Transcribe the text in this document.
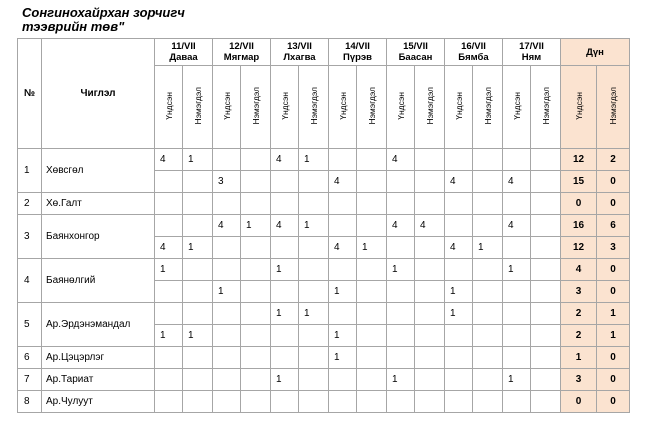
Сонгинохайрхан зорчигч
тээврийн төв"

№	Чиглэл	11/VII
Даваа		12/VII
Мягмар		13/VII
Лхагва		14/VII
Пүрэв		15/VII
Баасан		16/VII
Бямба		17/VII
Ням		Дүн	
		Үндсэн	Нэмэгдэл	Үндсэн	Нэмэгдэл	Үндсэн	Нэмэгдэл	Үндсэн	Нэмэгдэл	Үндсэн	Нэмэгдэл	Үндсэн	Нэмэгдэл	Үндсэн	Нэмэгдэл	Үндсэн	Нэмэгдэл
1	Хөвсгөл	4	1			4	1			4						12	2
				3				4				4		4		15	0
2	Хө.Галт															0	0
3	Баянхонгор			4	1	4	1			4	4			4		16	6
		4	1					4	1			4	1			12	3
4	Баянөлгий	1				1				1				1		4	0
				1				1				1				3	0
5	Ар.Эрдэнэмандал					1	1					1				2	1
		1	1					1								2	1
6	Ар.Цэцэрлэг							1								1	0
7	Ар.Тариат					1				1				1		3	0
8	Ар.Чулуут															0	0
